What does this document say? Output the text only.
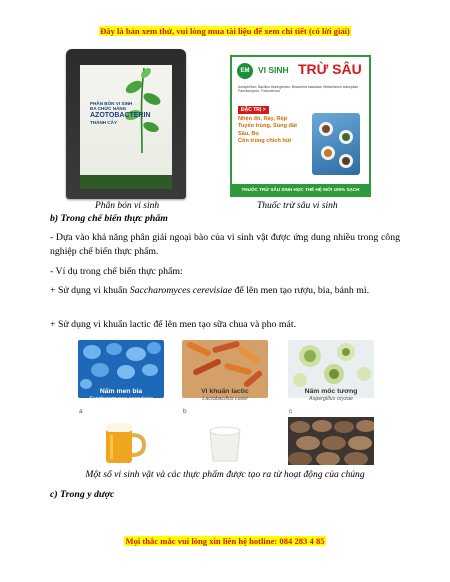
Đây là bản xem thử, vui lòng mua tài liệu để xem chi tiết (có lời giải)
PHÂN BÓN VI SINH
ĐA CHỨC NĂNG
AZOTOBACTERIN
THÀNH CÂY
EM	VI SINH TRỪ SÂU
Azospirillum, Bacillus thuringiensis, Beauveria bassiana, Metarhizium anisopliae, Paecilomyces, Trichoderma
ĐẶC TRỊ >
Nhện đỏ, Rầy, Rệp
Tuyến trùng, Sùng đất
Sâu, Bọ
Côn trùng chích hút
THUỐC TRỪ SÂU SINH HỌC THẾ HỆ MỚI 100% SẠCH
Phân bón vi sinh	Thuốc trừ sâu vi sinh
b) Trong chế biến thực phẩm
- Dựa vào khả năng phân giải ngoại bào của vi sinh vật được ứng dung nhiều trong công nghiệp chế biến thực phẩm.
- Ví dụ trong chế biến thực phẩm:
+ Sử dụng vi khuẩn Saccharomyces cerevisiae để lên men tạo rượu, bia, bánh mì.
+ Sử dụng vi khuẩn lactic để lên men tạo sữa chua và pho mát.
Nấm men bia
Saccharomyces cerevisiae
Vi khuẩn lactic
Lactobacillus casei
Nấm mốc tương
Aspergillus oryzae
a	b	c
Một số vi sinh vật và các thực phẩm được tạo ra từ hoạt động của chúng
c) Trong y dược
Mọi thắc mắc vui lòng xin liên hệ hotline: 084 283 4 85
